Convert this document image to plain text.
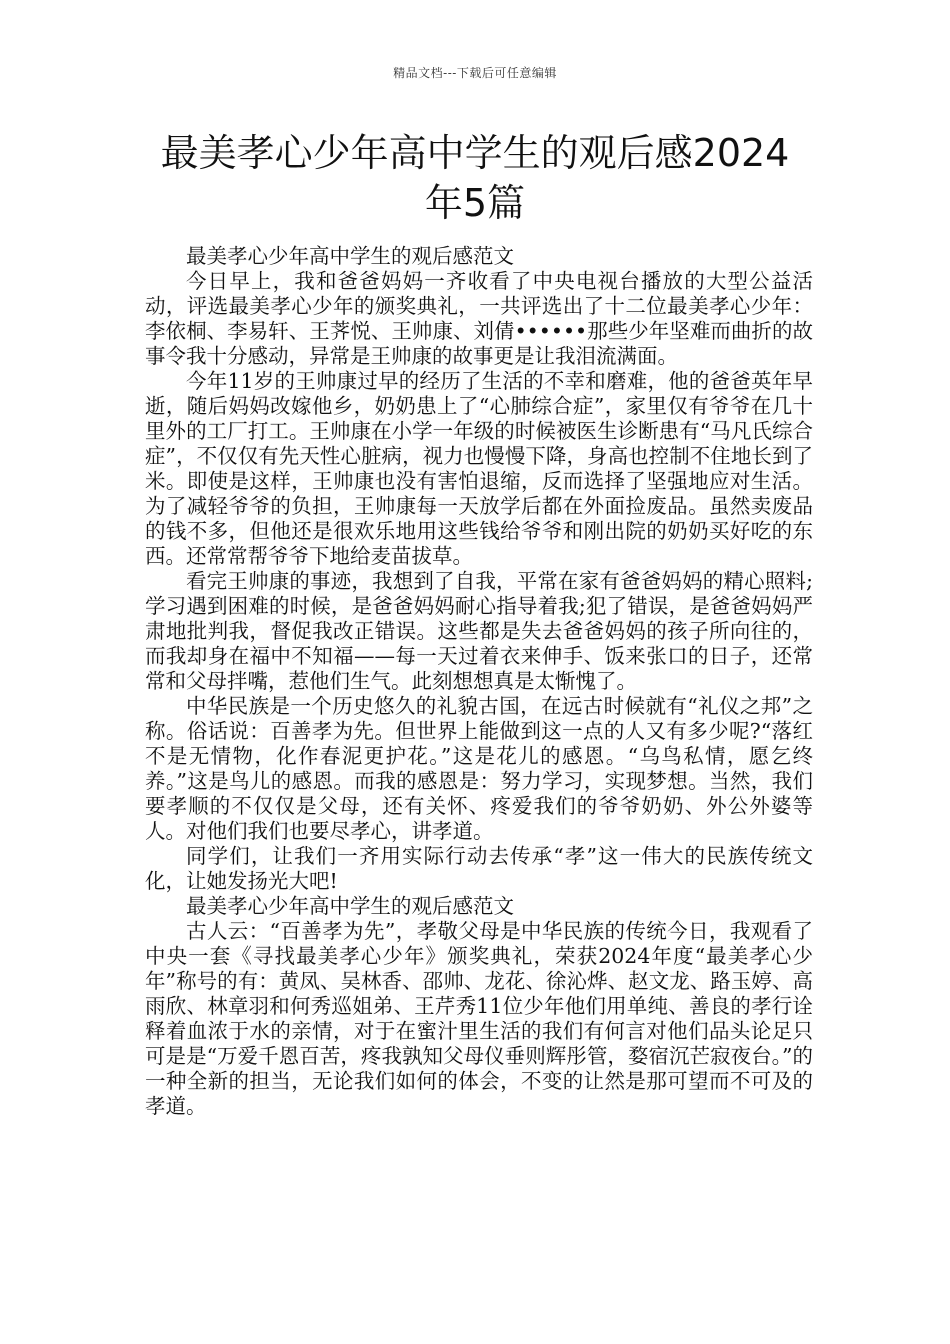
精品文档---下载后可任意编辑
最美孝心少年高中学生的观后感2024年5篇

最美孝心少年高中学生的观后感范文

今日早上，我和爸爸妈妈一齐收看了中央电视台播放的大型公益活动，评选最美孝心少年的颁奖典礼，一共评选出了十二位最美孝心少年：李依桐、李易轩、王荠悦、王帅康、刘倩••••••那些少年坚难而曲折的故事令我十分感动，异常是王帅康的故事更是让我泪流满面。

今年11岁的王帅康过早的经历了生活的不幸和磨难，他的爸爸英年早逝，随后妈妈改嫁他乡，奶奶患上了“心肺综合症”，家里仅有爷爷在几十里外的工厂打工。王帅康在小学一年级的时候被医生诊断患有“马凡氏综合症”，不仅仅有先天性心脏病，视力也慢慢下降，身高也控制不住地长到了米。即使是这样，王帅康也没有害怕退缩，反而选择了坚强地应对生活。为了减轻爷爷的负担，王帅康每一天放学后都在外面捡废品。虽然卖废品的钱不多，但他还是很欢乐地用这些钱给爷爷和刚出院的奶奶买好吃的东西。还常常帮爷爷下地给麦苗拔草。

看完王帅康的事迹，我想到了自我，平常在家有爸爸妈妈的精心照料;学习遇到困难的时候，是爸爸妈妈耐心指导着我;犯了错误，是爸爸妈妈严肃地批判我，督促我改正错误。这些都是失去爸爸妈妈的孩子所向往的，而我却身在福中不知福——每一天过着衣来伸手、饭来张口的日子，还常常和父母拌嘴，惹他们生气。此刻想想真是太惭愧了。

中华民族是一个历史悠久的礼貌古国，在远古时候就有“礼仪之邦”之称。俗话说：百善孝为先。但世界上能做到这一点的人又有多少呢?“落红不是无情物，化作春泥更护花。”这是花儿的感恩。“乌鸟私情，愿乞终养。”这是鸟儿的感恩。而我的感恩是：努力学习，实现梦想。当然，我们要孝顺的不仅仅是父母，还有关怀、疼爱我们的爷爷奶奶、外公外婆等人。对他们我们也要尽孝心，讲孝道。

同学们，让我们一齐用实际行动去传承“孝”这一伟大的民族传统文化，让她发扬光大吧!

最美孝心少年高中学生的观后感范文

古人云：“百善孝为先”，孝敬父母是中华民族的传统今日，我观看了中央一套《寻找最美孝心少年》颁奖典礼，荣获2024年度“最美孝心少年”称号的有：黄凤、吴林香、邵帅、龙花、徐沁烨、赵文龙、路玉婷、高雨欣、林章羽和何秀巡姐弟、王芹秀11位少年他们用单纯、善良的孝行诠释着血浓于水的亲情，对于在蜜汁里生活的我们有何言对他们品头论足只可是是“万爱千恩百苦，疼我孰知父母仪垂则辉彤管，婺宿沉芒寂夜台。”的一种全新的担当，无论我们如何的体会，不变的让然是那可望而不可及的孝道。
